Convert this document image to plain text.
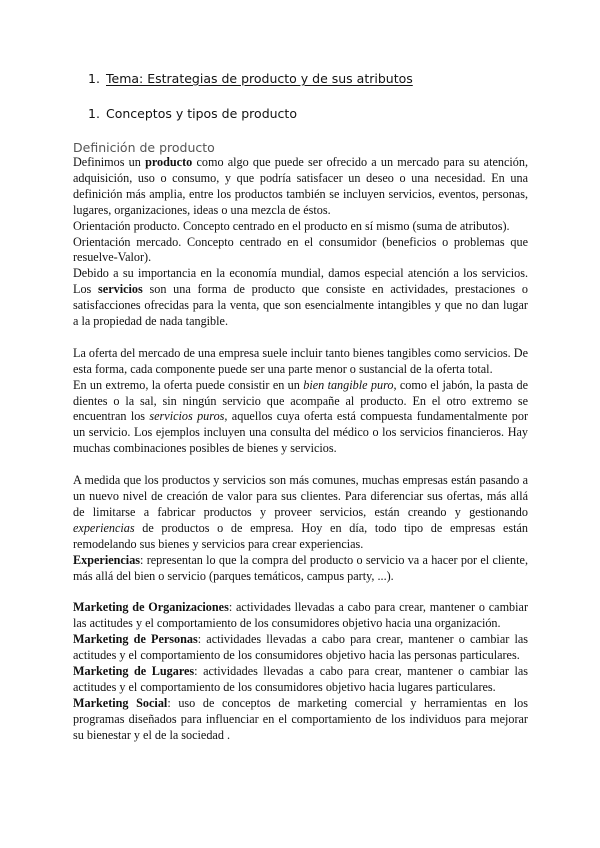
1. Tema: Estrategias de producto y de sus atributos
1. Conceptos y tipos de producto
Definición de producto

Definimos un producto como algo que puede ser ofrecido a un mercado para su atención, adquisición, uso o consumo, y que podría satisfacer un deseo o una necesidad. En una definición más amplia, entre los productos también se incluyen servicios, eventos, personas, lugares, organizaciones, ideas o una mezcla de éstos.

Orientación producto. Concepto centrado en el producto en sí mismo (suma de atributos).

Orientación mercado. Concepto centrado en el consumidor (beneficios o problemas que resuelve-Valor).

Debido a su importancia en la economía mundial, damos especial atención a los servicios. Los servicios son una forma de producto que consiste en actividades, prestaciones o satisfacciones ofrecidas para la venta, que son esencialmente intangibles y que no dan lugar a la propiedad de nada tangible.

La oferta del mercado de una empresa suele incluir tanto bienes tangibles como servicios. De esta forma, cada componente puede ser una parte menor o sustancial de la oferta total.

En un extremo, la oferta puede consistir en un bien tangible puro, como el jabón, la pasta de dientes o la sal, sin ningún servicio que acompañe al producto. En el otro extremo se encuentran los servicios puros, aquellos cuya oferta está compuesta fundamentalmente por un servicio. Los ejemplos incluyen una consulta del médico o los servicios financieros. Hay muchas combinaciones posibles de bienes y servicios.

A medida que los productos y servicios son más comunes, muchas empresas están pasando a un nuevo nivel de creación de valor para sus clientes. Para diferenciar sus ofertas, más allá de limitarse a fabricar productos y proveer servicios, están creando y gestionando experiencias de productos o de empresa. Hoy en día, todo tipo de empresas están remodelando sus bienes y servicios para crear experiencias.

Experiencias: representan lo que la compra del producto o servicio va a hacer por el cliente, más allá del bien o servicio (parques temáticos, campus party, ...).

Marketing de Organizaciones: actividades llevadas a cabo para crear, mantener o cambiar las actitudes y el comportamiento de los consumidores objetivo hacia una organización.

Marketing de Personas: actividades llevadas a cabo para crear, mantener o cambiar las actitudes y el comportamiento de los consumidores objetivo hacia las personas particulares.

Marketing de Lugares: actividades llevadas a cabo para crear, mantener o cambiar las actitudes y el comportamiento de los consumidores objetivo hacia lugares particulares.

Marketing Social: uso de conceptos de marketing comercial y herramientas en los programas diseñados para influenciar en el comportamiento de los individuos para mejorar su bienestar y el de la sociedad .
